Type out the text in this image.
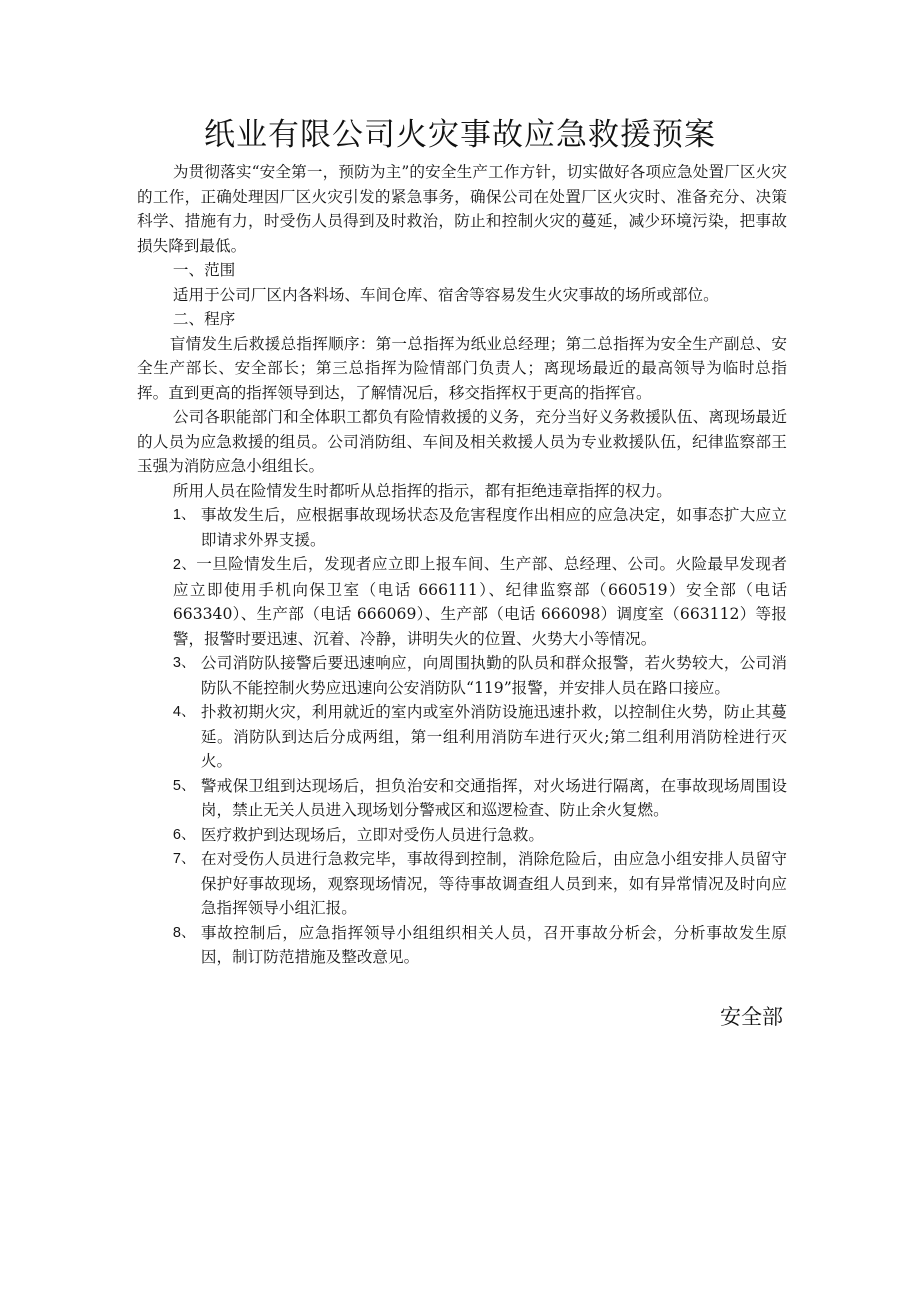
纸业有限公司火灾事故应急救援预案

为贯彻落实“安全第一，预防为主”的安全生产工作方针，切实做好各项应急处置厂区火灾的工作，正确处理因厂区火灾引发的紧急事务，确保公司在处置厂区火灾时、准备充分、决策科学、措施有力，时受伤人员得到及时救治，防止和控制火灾的蔓延，减少环境污染，把事故损失降到最低。

一、范围

适用于公司厂区内各料场、车间仓库、宿舍等容易发生火灾事故的场所或部位。

二、程序

盲情发生后救援总指挥顺序：第一总指挥为纸业总经理；第二总指挥为安全生产副总、安全生产部长、安全部长；第三总指挥为险情部门负责人；离现场最近的最高领导为临时总指挥。直到更高的指挥领导到达，了解情况后，移交指挥权于更高的指挥官。

公司各职能部门和全体职工都负有险情救援的义务，充分当好义务救援队伍、离现场最近的人员为应急救援的组员。公司消防组、车间及相关救援人员为专业救援队伍，纪律监察部王玉强为消防应急小组组长。

所用人员在险情发生时都听从总指挥的指示，都有拒绝违章指挥的权力。

1、 事故发生后，应根据事故现场状态及危害程度作出相应的应急决定，如事态扩大应立即请求外界支援。

2、一旦险情发生后，发现者应立即上报车间、生产部、总经理、公司。火险最早发现者应立即使用手机向保卫室（电话 666111）、纪律监察部（660519）安全部（电话 663340）、生产部（电话 666069）、生产部（电话 666098）调度室（663112）等报警，报警时要迅速、沉着、冷静，讲明失火的位置、火势大小等情况。

3、 公司消防队接警后要迅速响应，向周围执勤的队员和群众报警，若火势较大，公司消防队不能控制火势应迅速向公安消防队“119”报警，并安排人员在路口接应。
4、 扑救初期火灾，利用就近的室内或室外消防设施迅速扑救，以控制住火势，防止其蔓延。消防队到达后分成两组，第一组利用消防车进行灭火;第二组利用消防栓进行灭火。
5、 警戒保卫组到达现场后，担负治安和交通指挥，对火场进行隔离，在事故现场周围设岗，禁止无关人员进入现场划分警戒区和巡逻检查、防止余火复燃。
6、 医疗救护到达现场后，立即对受伤人员进行急救。
7、 在对受伤人员进行急救完毕，事故得到控制，消除危险后，由应急小组安排人员留守保护好事故现场，观察现场情况，等待事故调查组人员到来，如有异常情况及时向应急指挥领导小组汇报。
8、 事故控制后，应急指挥领导小组组织相关人员，召开事故分析会，分析事故发生原因，制订防范措施及整改意见。
安全部
